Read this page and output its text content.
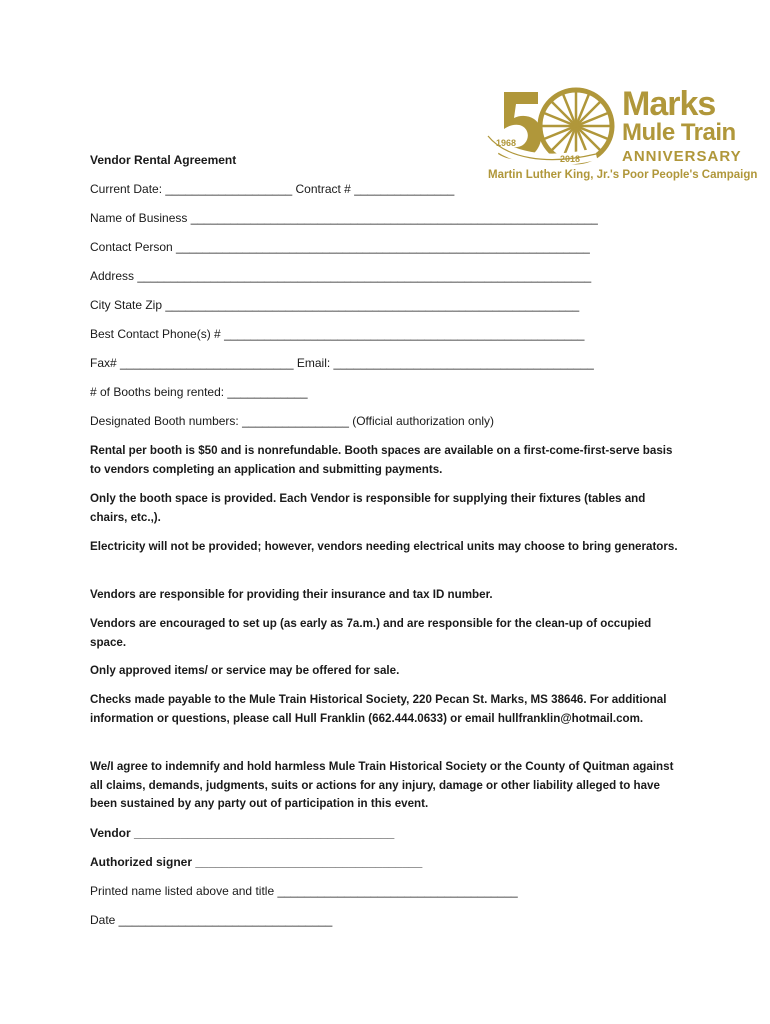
1968
2018
Marks
Mule Train
ANNIVERSARY
Martin Luther King, Jr.'s Poor People's Campaign
Vendor Rental Agreement
Current Date: ___________________ Contract # _______________
Name of Business _____________________________________________________________
Contact Person ______________________________________________________________
Address ____________________________________________________________________
City State Zip ______________________________________________________________
Best Contact Phone(s) # ______________________________________________________
Fax# __________________________ Email: _______________________________________
# of Booths being rented: ____________
Designated Booth numbers: ________________ (Official authorization only)
Rental per booth is $50 and is nonrefundable. Booth spaces are available on a first-come-first-serve basis to vendors completing an application and submitting payments.
Only the booth space is provided. Each Vendor is responsible for supplying their fixtures (tables and chairs, etc.,).
Electricity will not be provided; however, vendors needing electrical units may choose to bring generators.
Vendors are responsible for providing their insurance and tax ID number.
Vendors are encouraged to set up (as early as 7a.m.) and are responsible for the clean-up of occupied space.
Only approved items/ or service may be offered for sale.
Checks made payable to the Mule Train Historical Society, 220 Pecan St. Marks, MS 38646. For additional information or questions, please call Hull Franklin (662.444.0633) or email hullfranklin@hotmail.com.
We/I agree to indemnify and hold harmless Mule Train Historical Society or the County of Quitman against all claims, demands, judgments, suits or actions for any injury, damage or other liability alleged to have been sustained by any party out of participation in this event.
Vendor _______________________________________
Authorized signer __________________________________
Printed name listed above and title ____________________________________
Date ________________________________
